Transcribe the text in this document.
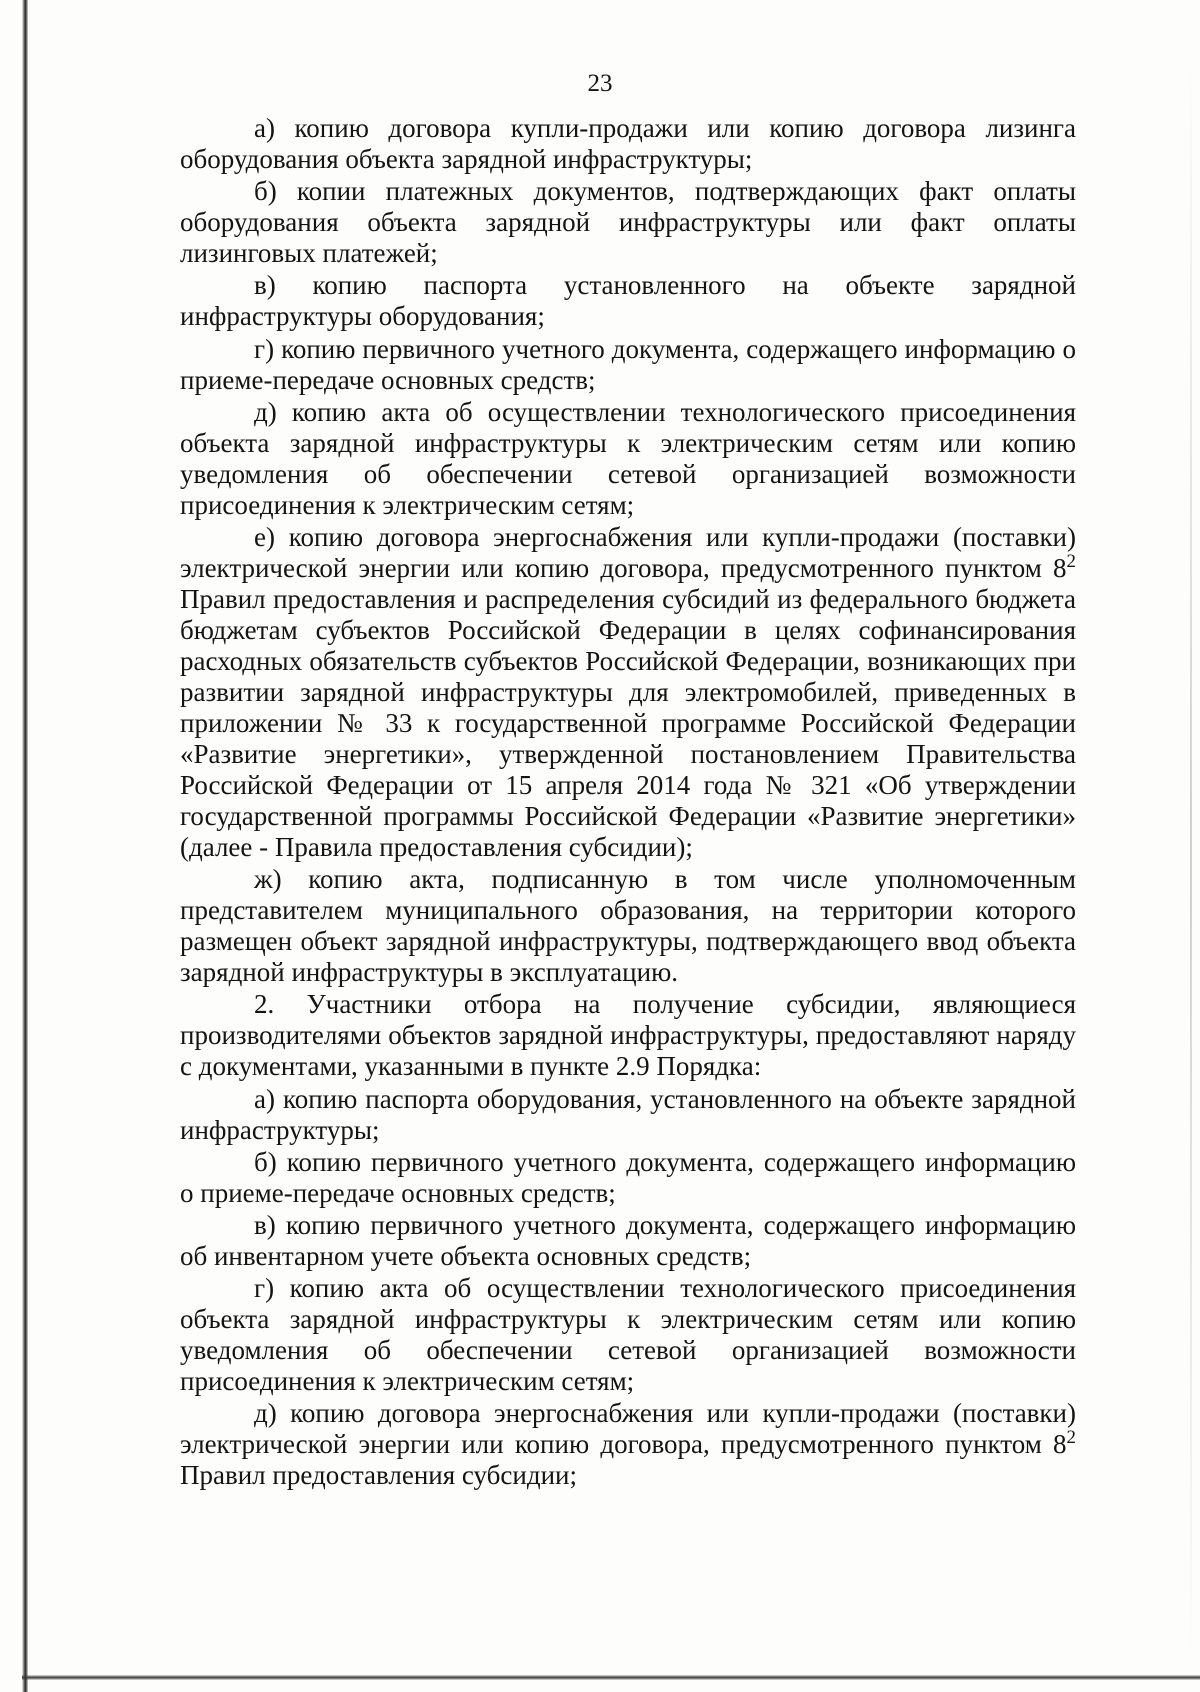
23

а) копию договора купли-продажи или копию договора лизинга оборудования объекта зарядной инфраструктуры;

б) копии платежных документов, подтверждающих факт оплаты оборудования объекта зарядной инфраструктуры или факт оплаты лизинговых платежей;

в) копию паспорта установленного на объекте зарядной инфраструктуры оборудования;

г) копию первичного учетного документа, содержащего информацию о приеме-передаче основных средств;

д) копию акта об осуществлении технологического присоединения объекта зарядной инфраструктуры к электрическим сетям или копию уведомления об обеспечении сетевой организацией возможности присоединения к электрическим сетям;

е) копию договора энергоснабжения или купли-продажи (поставки) электрической энергии или копию договора, предусмотренного пунктом $8^2$ Правил предоставления и распределения субсидий из федерального бюджета бюджетам субъектов Российской Федерации в целях софинансирования расходных обязательств субъектов Российской Федерации, возникающих при развитии зарядной инфраструктуры для электромобилей, приведенных в приложении № 33 к государственной программе Российской Федерации «Развитие энергетики», утвержденной постановлением Правительства Российской Федерации от 15 апреля 2014 года № 321 «Об утверждении государственной программы Российской Федерации «Развитие энергетики» (далее - Правила предоставления субсидии);

ж) копию акта, подписанную в том числе уполномоченным представителем муниципального образования, на территории которого размещен объект зарядной инфраструктуры, подтверждающего ввод объекта зарядной инфраструктуры в эксплуатацию.

2. Участники отбора на получение субсидии, являющиеся производителями объектов зарядной инфраструктуры, предоставляют наряду с документами, указанными в пункте 2.9 Порядка:

а) копию паспорта оборудования, установленного на объекте зарядной инфраструктуры;

б) копию первичного учетного документа, содержащего информацию о приеме-передаче основных средств;

в) копию первичного учетного документа, содержащего информацию об инвентарном учете объекта основных средств;

г) копию акта об осуществлении технологического присоединения объекта зарядной инфраструктуры к электрическим сетям или копию уведомления об обеспечении сетевой организацией возможности присоединения к электрическим сетям;

д) копию договора энергоснабжения или купли-продажи (поставки) электрической энергии или копию договора, предусмотренного пунктом $8^2$ Правил предоставления субсидии;
